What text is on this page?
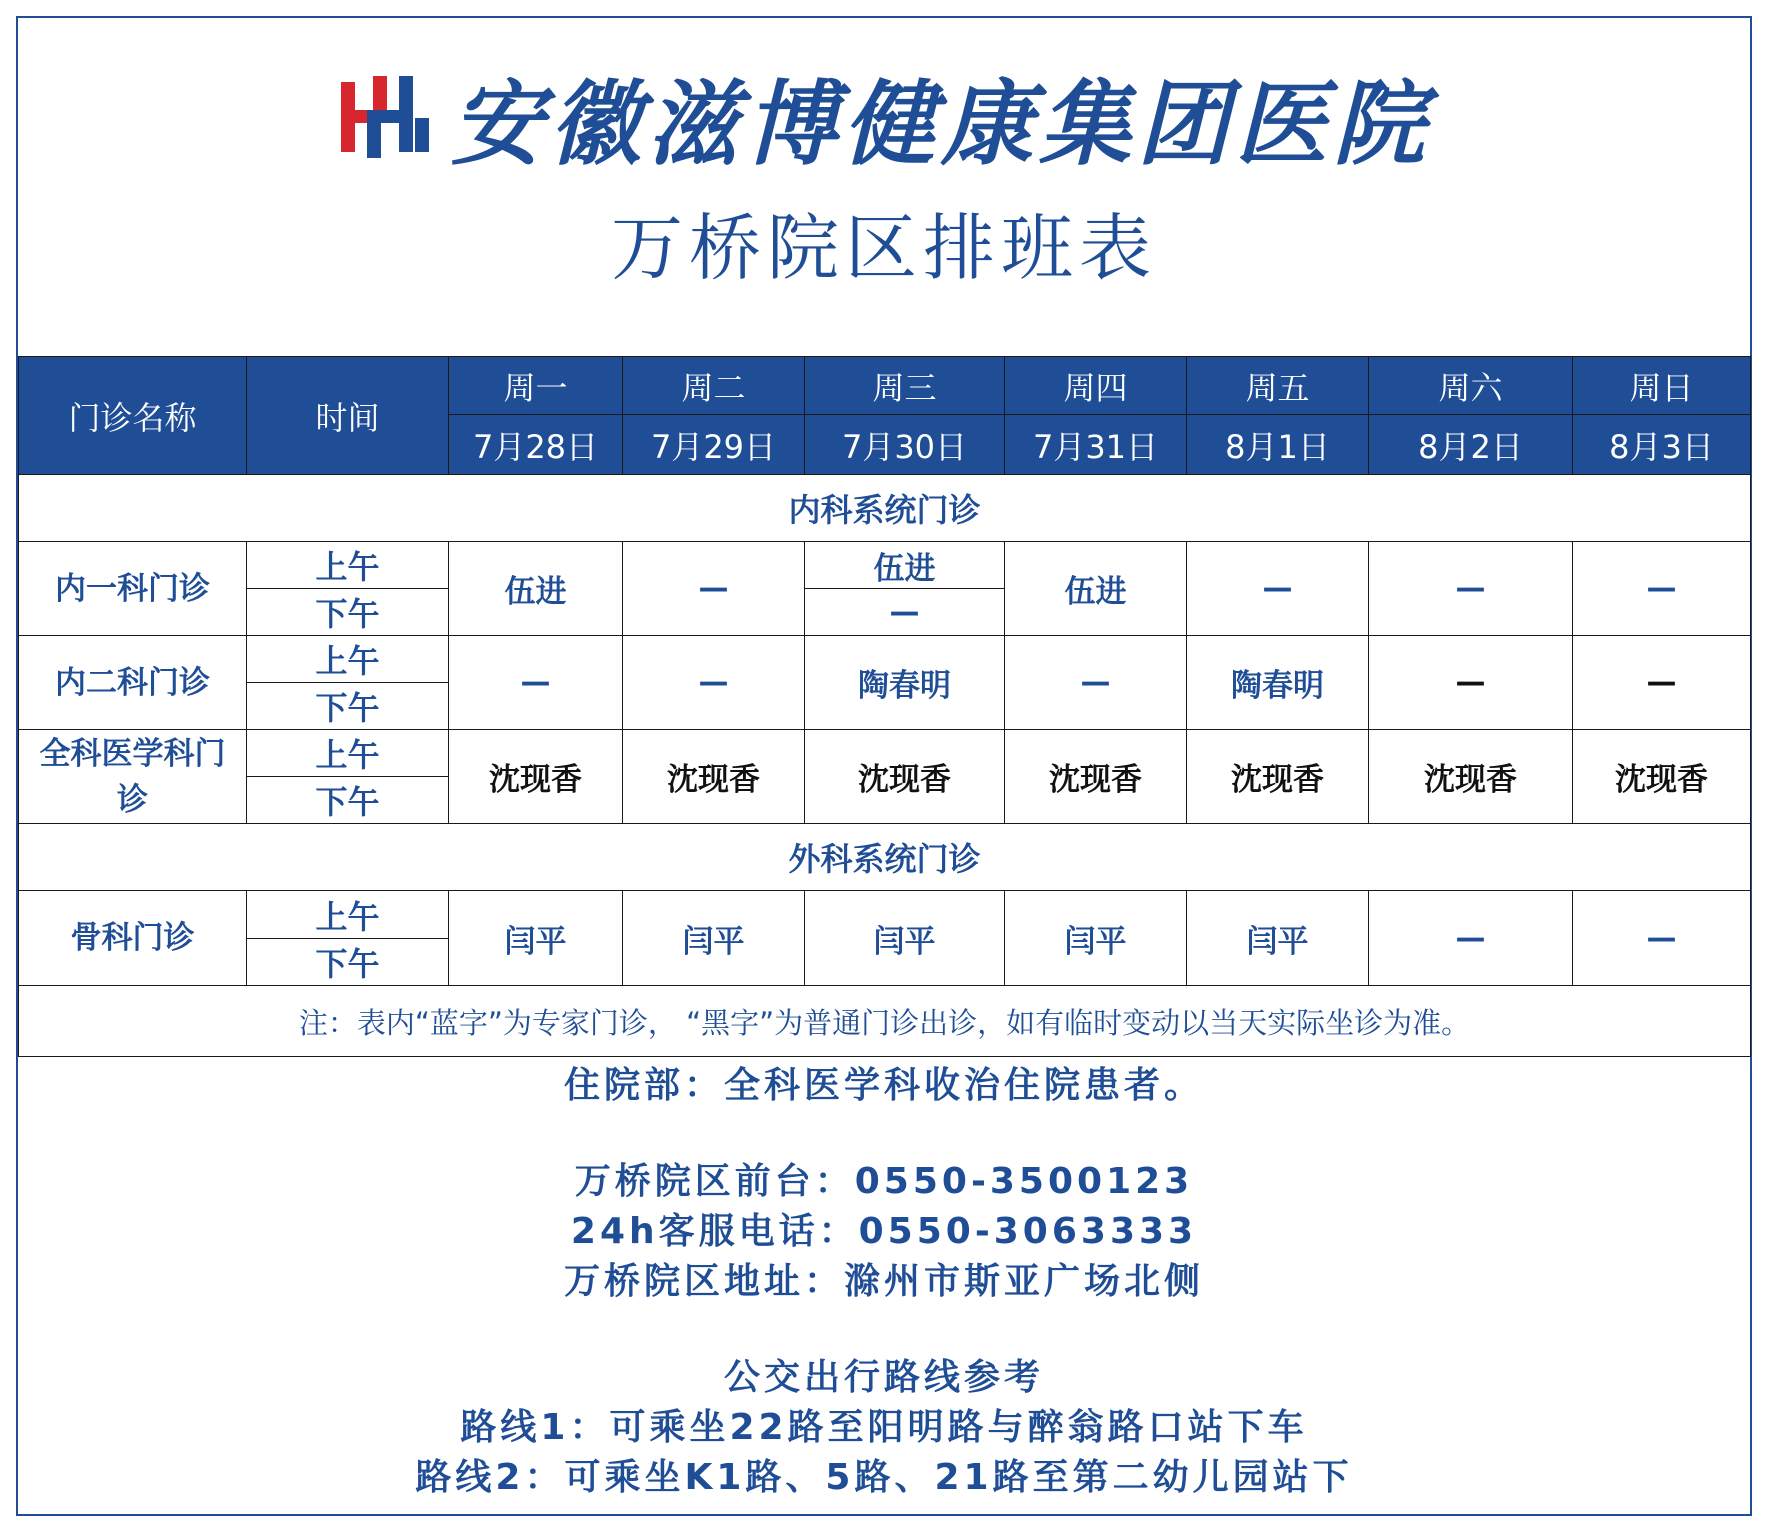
安徽滋博健康集团医院
万桥院区排班表
门诊名称	时间	周一	周二	周三	周四	周五	周六	周日
		7月28日	7月29日	7月30日	7月31日	8月1日	8月2日	8月3日
内科系统门诊								
内一科门诊	上午	伍进	—	伍进	伍进	—	—	—
	下午			—				
内二科门诊	上午	—	—	陶春明	—	陶春明	—	—
	下午							

全科医学科门
诊	上午	沈现香	沈现香	沈现香	沈现香	沈现香	沈现香	沈现香
	下午							
外科系统门诊								
骨科门诊	上午	闫平	闫平	闫平	闫平	闫平	—	—
	下午							
注：表内“蓝字”为专家门诊， “黑字”为普通门诊出诊，如有临时变动以当天实际坐诊为准。								
住院部：全科医学科收治住院患者。
万桥院区前台：0550-3500123
24h客服电话：0550-3063333
万桥院区地址：滁州市斯亚广场北侧
公交出行路线参考
路线1：可乘坐22路至阳明路与醉翁路口站下车
路线2：可乘坐K1路、5路、21路至第二幼儿园站下
